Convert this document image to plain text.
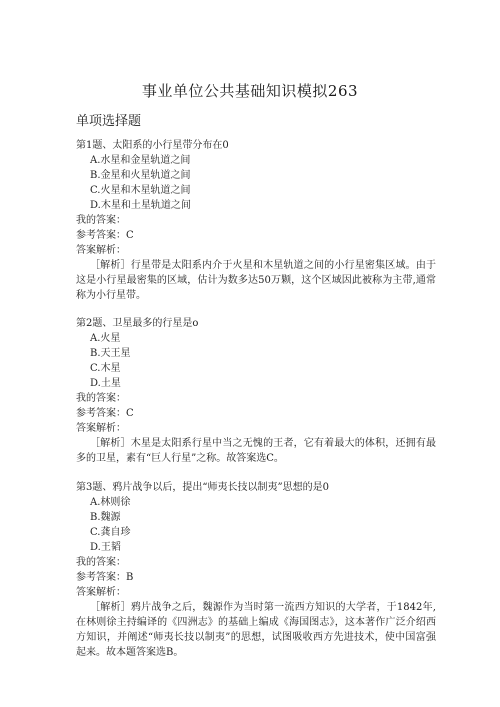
事业单位公共基础知识模拟263
单项选择题

第1题、太阳系的小行星带分布在0

A.水星和金星轨道之间

B.金星和火星轨道之间

C.火星和木星轨道之间

D.木星和土星轨道之间

我的答案：

参考答案：C

答案解析：

［解析］行星带是太阳系内介于火星和木星轨道之间的小行星密集区域。由于这是小行星最密集的区域，估计为数多达50万颗，这个区域因此被称为主带,通常称为小行星带。

第2题、卫星最多的行星是o

A.火星

B.天王星

C.木星

D.土星

我的答案：

参考答案：C

答案解析：

［解析］木星是太阳系行星中当之无愧的王者，它有着最大的体积，还拥有最多的卫星，素有“巨人行星”之称。故答案选C。

第3题、鸦片战争以后，提出“师夷长技以制夷”思想的是0

A.林则徐

B.魏源

C.龚自珍

D.王韬

我的答案：

参考答案：B

答案解析：

［解析］鸦片战争之后，魏源作为当时第一流西方知识的大学者，于1842年,在林则徐主持编译的《四洲志》的基础上编成《海国图志》，这本著作广泛介绍西方知识，并阐述“师夷长技以制夷”的思想，试图吸收西方先进技术，使中国富强起来。故本题答案选B。
